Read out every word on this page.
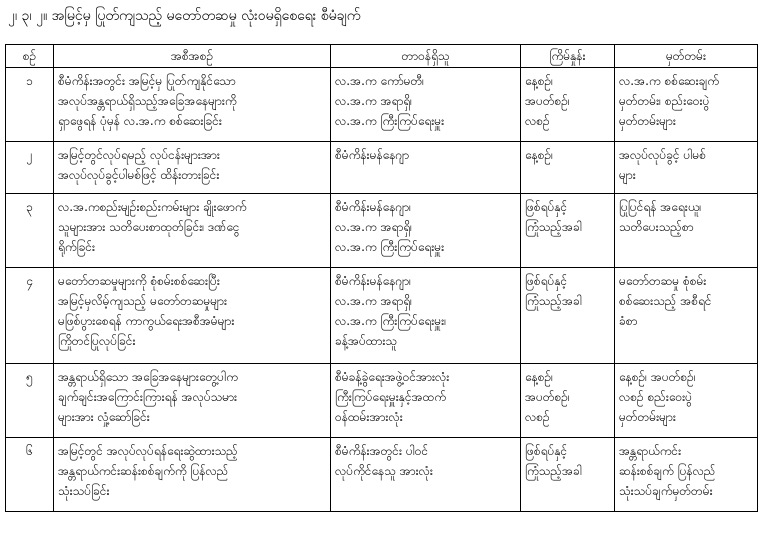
၂၊ ၃၊ ၂။ အမြင့်မှ ပြုတ်ကျသည့် မတော်တဆမှု လုံးဝမရှိစေရေး စီမံချက်
စဉ်	အစီအစဉ်	တာဝန်ရှိသူ	ကြိမ်နှုန်း	မှတ်တမ်း
၁	စီမံကိန်းအတွင်း အမြင့်မှ ပြုတ်ကျနိုင်သော
အလုပ်အန္တရာယ်ရှိသည့်အခြေအနေများကို
ရှာဖွေရန် ပုံမှန် လ.အ.က စစ်ဆေးခြင်း	လ.အ.က ကော်မတီ၊
လ.အ.က အရာရှိ၊
လ.အ.က ကြီးကြပ်ရေးမှူး	နေ့စဉ်၊
အပတ်စဉ်၊
လစဉ်	လ.အ.က စစ်ဆေးချက်
မှတ်တမ်း၊ စည်းဝေးပွဲ
မှတ်တမ်းများ

၂	အမြင့်တွင်လုပ်ရမည့် လုပ်ငန်းများအား
အလုပ်လုပ်ခွင့်ပါမစ်ဖြင့် ထိန်းတားခြင်း	စီမံကိန်းမန်နေဂျာ	နေ့စဉ်၊	အလုပ်လုပ်ခွင့် ပါမစ်
များ

၃	လ.အ.ကစည်းမျဉ်းစည်းကမ်းများ ချိုးဖောက်
သူများအား သတိပေးစာထုတ်ခြင်း၊ ဒဏ်ငွေ
ရိုက်ခြင်း	စီမံကိန်းမန်နေဂျာ၊
လ.အ.က အရာရှိ၊
လ.အ.က ကြီးကြပ်ရေးမှူး	ဖြစ်ရပ်နှင့်
ကြုံသည့်အခါ	ပြုပြင်ရန် အရေးယူ၊
သတိပေးသည့်စာ

၄	မတော်တဆမှုများကို စုံစမ်းစစ်ဆေးပြီး
အမြင့်မှလိမ့်ကျသည့် မတော်တဆမှုများ
မဖြစ်ပွားစေရန် ကာကွယ်ရေးအစီအမံများ
ကြိုတင်ပြုလုပ်ခြင်း	စီမံကိန်းမန်နေဂျာ၊
လ.အ.က အရာရှိ၊
လ.အ.က ကြီးကြပ်ရေးမှူး၊
ခန့်အပ်ထားသူ	ဖြစ်ရပ်နှင့်
ကြုံသည့်အခါ	မတော်တဆမှု စုံစမ်း
စစ်ဆေးသည့် အစီရင်
ခံစာ

၅	အန္တရာယ်ရှိသော အခြေအနေများတွေ့ပါက
ချက်ချင်းအကြောင်းကြားရန် အလုပ်သမား
များအား လှုံ့ဆော်ခြင်း	စီမံခန့်ခွဲရေးအဖွဲ့ဝင်အားလုံး
ကြီးကြပ်ရေးမှူးနှင့်အထက်
ဝန်ထမ်းအားလုံး	နေ့စဉ်၊
အပတ်စဉ်၊
လစဉ်	နေ့စဉ်၊ အပတ်စဉ်၊
လစဉ် စည်းဝေးပွဲ
မှတ်တမ်းများ

၆	အမြင့်တွင် အလုပ်လုပ်ရန်ရေးဆွဲထားသည့်
အန္တရာယ်ကင်းဆန်းစစ်ချက်ကို ပြန်လည်
သုံးသပ်ခြင်း	စီမံကိန်းအတွင်း ပါဝင်
လုပ်ကိုင်နေသူ အားလုံး	ဖြစ်ရပ်နှင့်
ကြုံသည့်အခါ	အန္တရာယ်ကင်း
ဆန်းစစ်ချက် ပြန်လည်
သုံးသပ်ချက်မှတ်တမ်း
